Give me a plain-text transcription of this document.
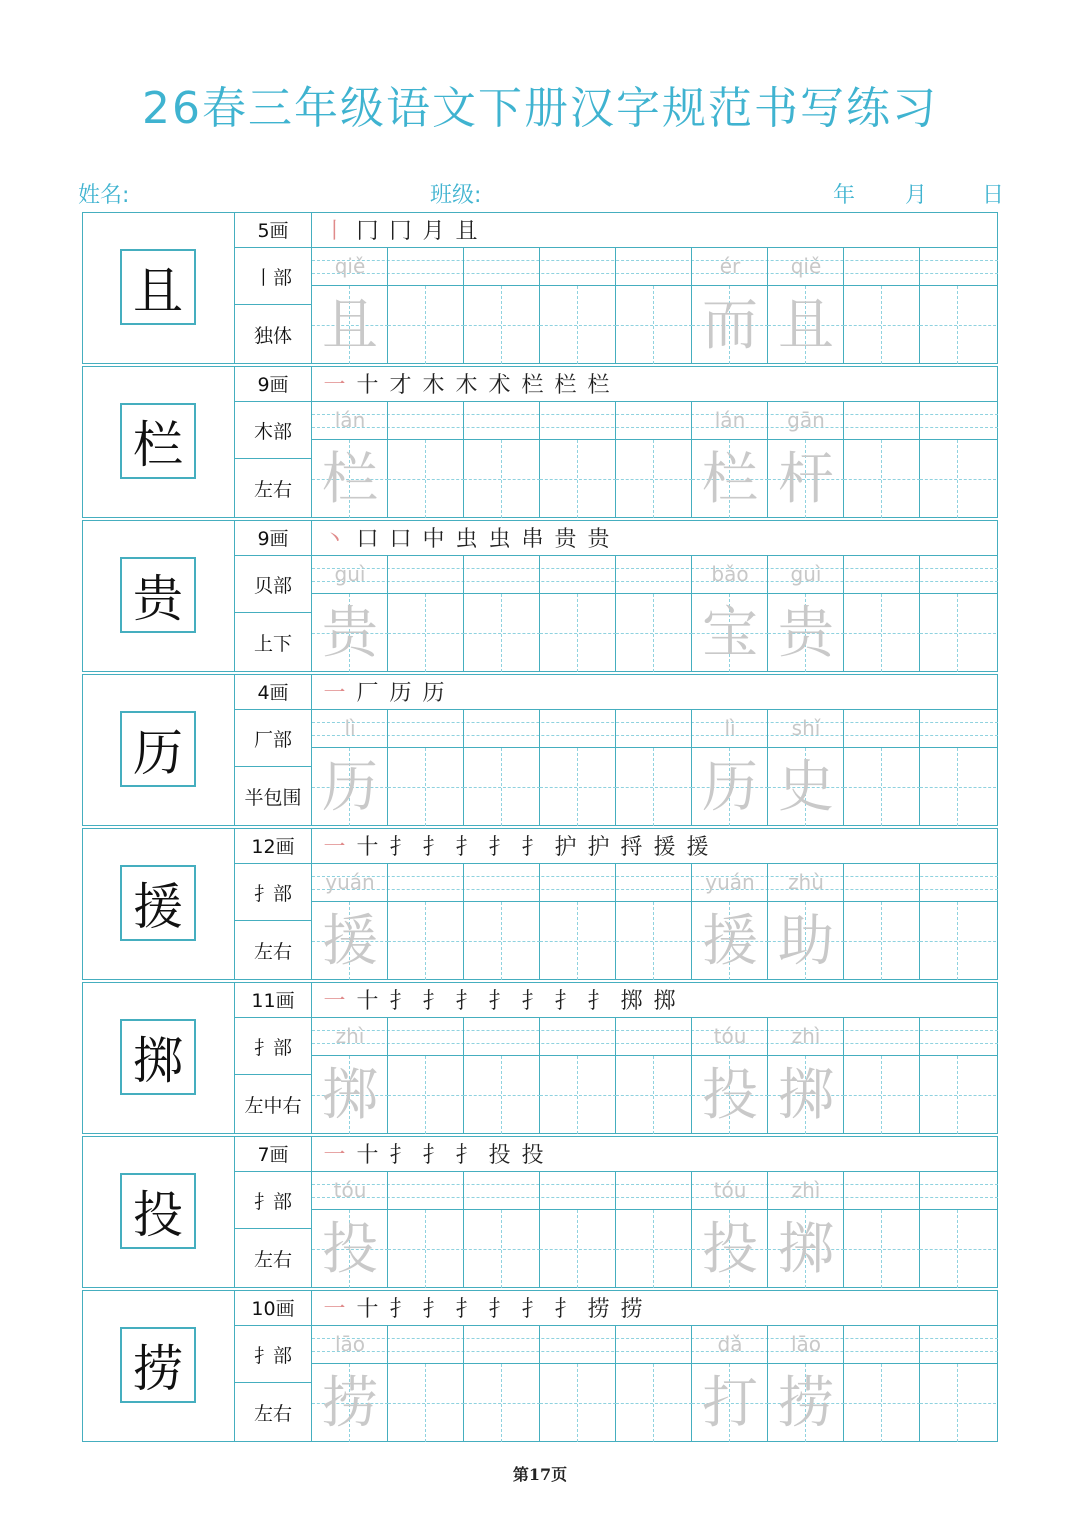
26春三年级语文下册汉字规范书写练习
姓名:	班级:	年 月 日
且
5画
丨部
独体
丨 冂 冂 月 且
qiě
且
ér
而
qiě
且
栏
9画
木部
左右
一 十 才 木 木 术 栏 栏 栏
lán
栏
lán
栏
gān
杆
贵
9画
贝部
上下
丶 口 口 中 虫 虫 串 贵 贵
guì
贵
bǎo
宝
guì
贵
历
4画
厂部
半包围
一 厂 历 历
lì
历
lì
历
shǐ
史
援
12画
扌部
左右
一 十 扌 扌 扌 扌 扌 护 护 捋 援 援
yuán
援
yuán
援
zhù
助
掷
11画
扌部
左中右
一 十 扌 扌 扌 扌 扌 扌 扌 掷 掷
zhì
掷
tóu
投
zhì
掷
投
7画
扌部
左右
一 十 扌 扌 扌 投 投
tóu
投
tóu
投
zhì
掷
捞
10画
扌部
左右
一 十 扌 扌 扌 扌 扌 扌 捞 捞
lāo
捞
dǎ
打
lāo
捞
第17页
